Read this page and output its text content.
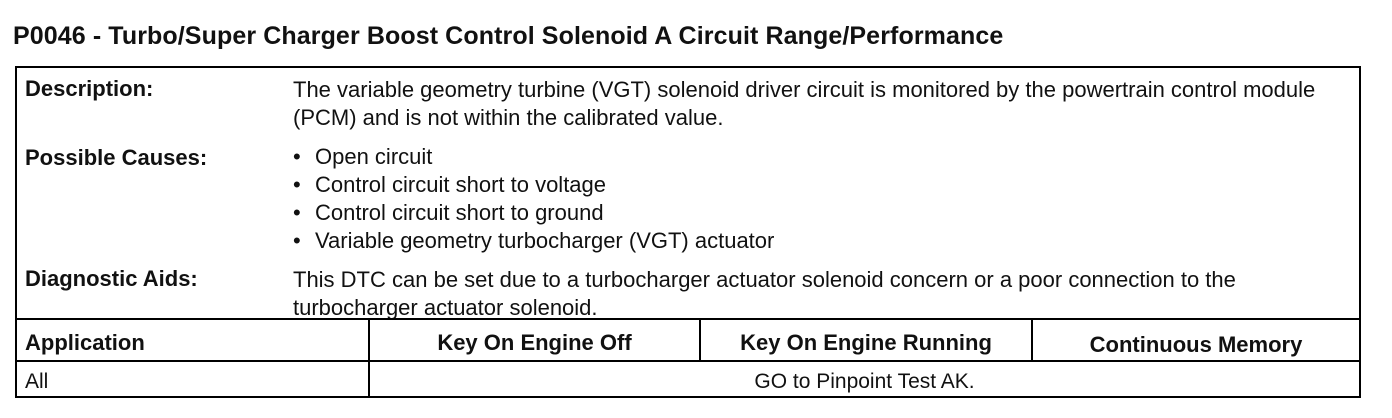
P0046 - Turbo/Super Charger Boost Control Solenoid A Circuit Range/Performance
Description:	The variable geometry turbine (VGT) solenoid driver circuit is monitored by the powertrain control module (PCM) and is not within the calibrated value.
Possible Causes:
•	Open circuit
• Control circuit short to voltage
• Control circuit short to ground
• Variable geometry turbocharger (VGT) actuator
Diagnostic Aids:	This DTC can be set due to a turbocharger actuator solenoid concern or a poor connection to the turbocharger actuator solenoid.
Application	Key On Engine Off	Key On Engine Running	Continuous Memory
All	GO to Pinpoint Test AK.
